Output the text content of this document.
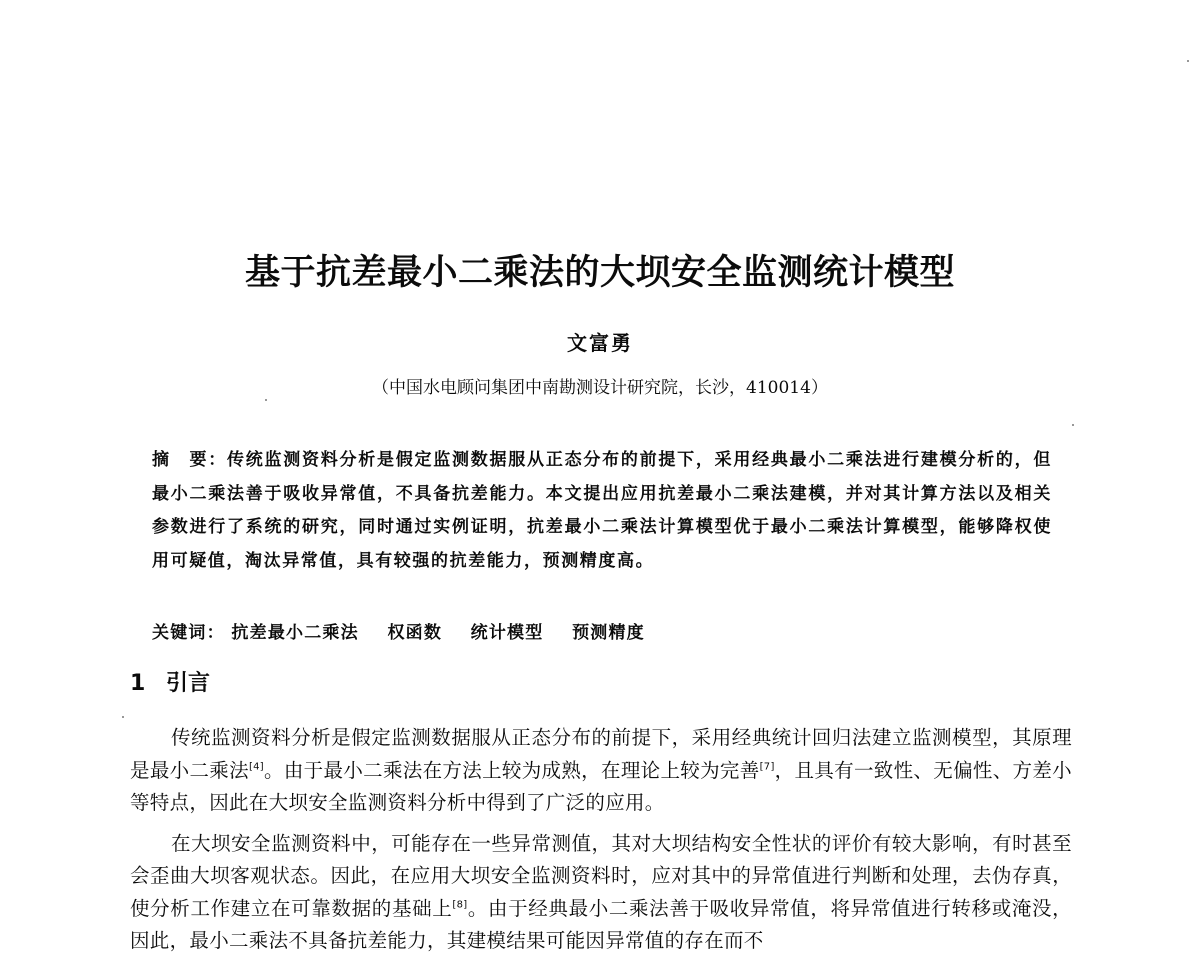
基于抗差最小二乘法的大坝安全监测统计模型
文富勇
（中国水电顾问集团中南勘测设计研究院，长沙，410014）
摘　要：传统监测资料分析是假定监测数据服从正态分布的前提下，采用经典最小二乘法进行建模分析的，但最小二乘法善于吸收异常值，不具备抗差能力。本文提出应用抗差最小二乘法建模，并对其计算方法以及相关参数进行了系统的研究，同时通过实例证明，抗差最小二乘法计算模型优于最小二乘法计算模型，能够降权使用可疑值，淘汰异常值，具有较强的抗差能力，预测精度高。
关键词： 抗差最小二乘法 权函数 统计模型 预测精度
1 引言

传统监测资料分析是假定监测数据服从正态分布的前提下，采用经典统计回归法建立监测模型，其原理是最小二乘法[4]。由于最小二乘法在方法上较为成熟，在理论上较为完善[7]，且具有一致性、无偏性、方差小等特点，因此在大坝安全监测资料分析中得到了广泛的应用。

在大坝安全监测资料中，可能存在一些异常测值，其对大坝结构安全性状的评价有较大影响，有时甚至会歪曲大坝客观状态。因此，在应用大坝安全监测资料时，应对其中的异常值进行判断和处理，去伪存真，使分析工作建立在可靠数据的基础上[8]。由于经典最小二乘法善于吸收异常值，将异常值进行转移或淹没，因此，最小二乘法不具备抗差能力，其建模结果可能因异常值的存在而不
